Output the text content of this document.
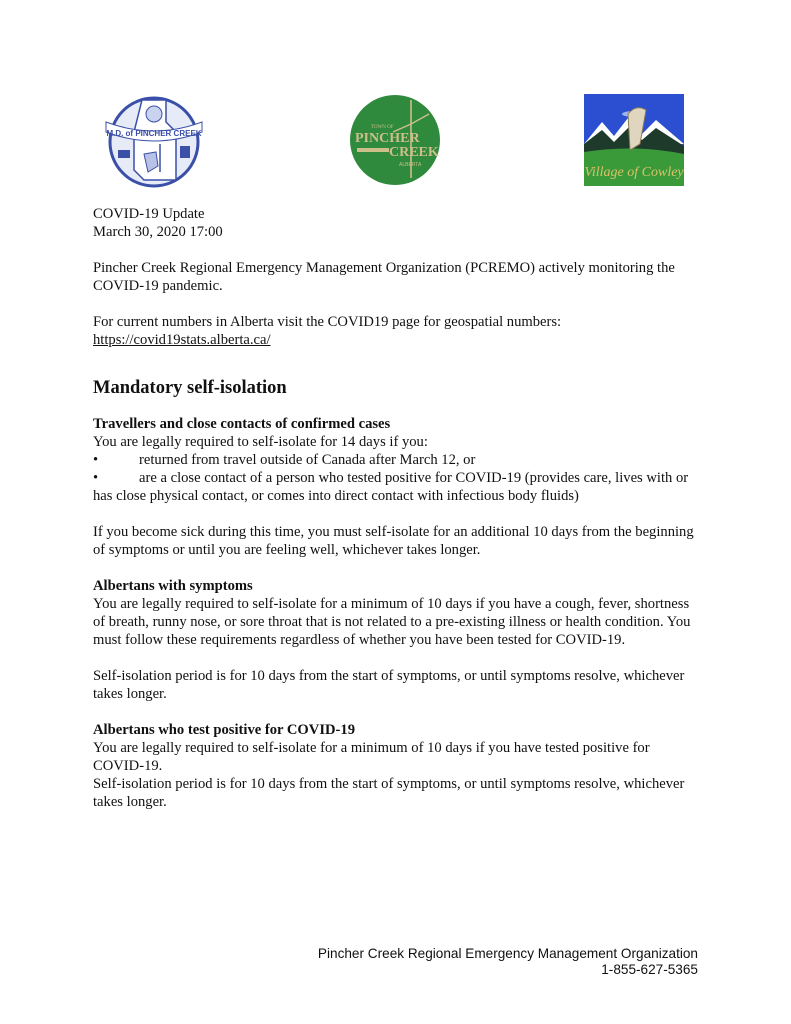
M.D. of PINCHER CREEK
TOWN OF
PINCHER
CREEK
ALBERTA	Village of Cowley

COVID-19 Update

March 30, 2020 17:00

Pincher Creek Regional Emergency Management Organization (PCREMO) actively monitoring the COVID-19 pandemic.

For current numbers in Alberta visit the COVID19 page for geospatial numbers:

https://covid19stats.alberta.ca/

Mandatory self-isolation

Travellers and close contacts of confirmed cases

You are legally required to self-isolate for 14 days if you:

•	returned from travel outside of Canada after March 12, or

•	are a close contact of a person who tested positive for COVID-19 (provides care, lives with or has close physical contact, or comes into direct contact with infectious body fluids)

If you become sick during this time, you must self-isolate for an additional 10 days from the beginning of symptoms or until you are feeling well, whichever takes longer.

Albertans with symptoms

You are legally required to self-isolate for a minimum of 10 days if you have a cough, fever, shortness of breath, runny nose, or sore throat that is not related to a pre-existing illness or health condition. You must follow these requirements regardless of whether you have been tested for COVID-19.

Self-isolation period is for 10 days from the start of symptoms, or until symptoms resolve, whichever takes longer.

Albertans who test positive for COVID-19

You are legally required to self-isolate for a minimum of 10 days if you have tested positive for COVID-19.

Self-isolation period is for 10 days from the start of symptoms, or until symptoms resolve, whichever takes longer.

Pincher Creek Regional Emergency Management Organization
1-855-627-5365
